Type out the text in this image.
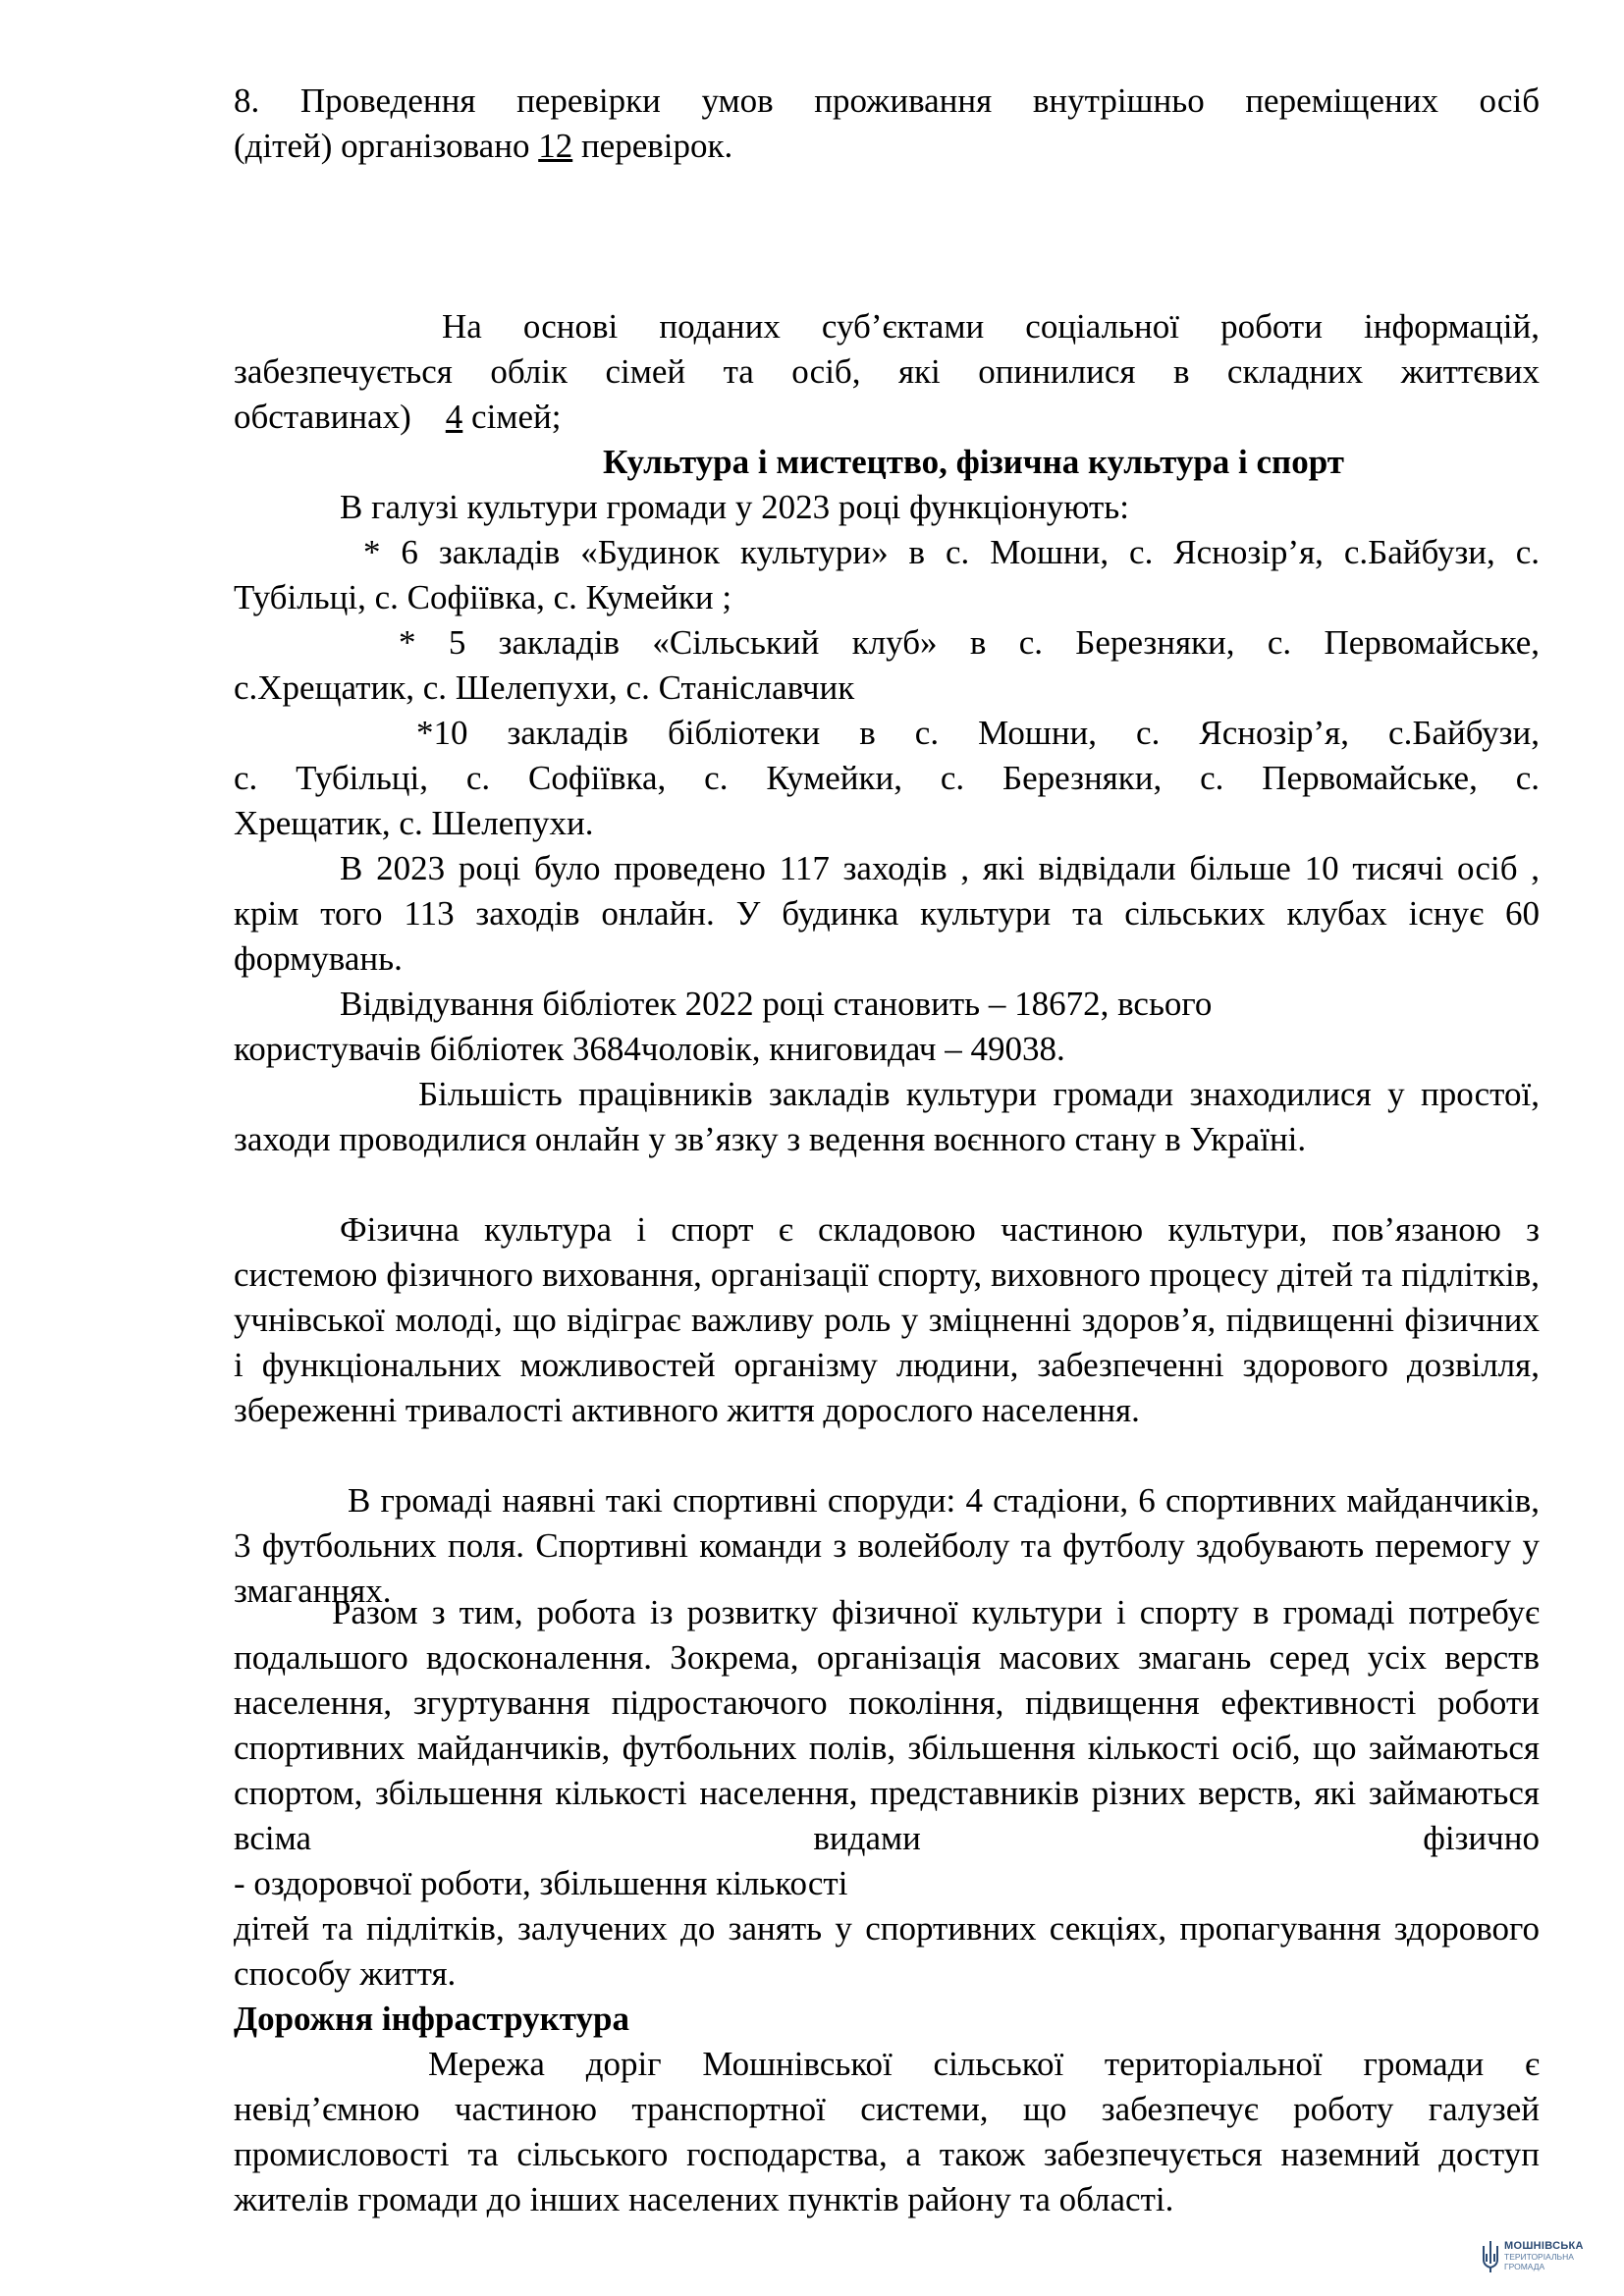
8. Проведення перевірки умов проживання внутрішньо переміщених осіб

(дітей) організовано 12 перевірок.

На основі поданих суб’єктами соціальної роботи інформацій,

забезпечується облік сімей та осіб, які опинилися в складних життєвих

обставинах)    4 сімей;

Культура і мистецтво, фізична культура і спорт

В галузі культури громади у 2023 році функціонують:

* 6 закладів «Будинок культури» в с. Мошни, с. Яснозір’я, с.Байбузи, с. Тубільці, с. Софіївка, с. Кумейки ;

* 5 закладів «Сільський клуб» в с. Березняки, с. Первомайське,

с.Хрещатик, с. Шелепухи, с. Станіславчик

*10 закладів бібліотеки в с. Мошни, с. Яснозір’я, с.Байбузи,

с. Тубільці, с. Софіївка, с. Кумейки, с. Березняки, с. Первомайське, с.

Хрещатик, с. Шелепухи.

В 2023 році було проведено 117 заходів , які відвідали більше 10 тисячі осіб , крім того 113 заходів онлайн. У будинка культури та сільських клубах існує 60 формувань.

Відвідування бібліотек 2022 році становить – 18672, всього

користувачів бібліотек 3684чоловік, книговидач – 49038.

Більшість працівників закладів культури громади знаходилися у простої, заходи проводилися онлайн у зв’язку з ведення воєнного стану в Україні.

Фізична культура і спорт є складовою частиною культури, пов’язаною з системою фізичного виховання, організації спорту, виховного процесу дітей та підлітків, учнівської молоді, що відіграє важливу роль у зміцненні здоров’я, підвищенні фізичних і функціональних можливостей організму людини, забезпеченні здорового дозвілля, збереженні тривалості активного життя дорослого населення.

В громаді наявні такі спортивні споруди: 4 стадіони, 6 спортивних майданчиків, 3 футбольних поля. Спортивні команди з волейболу та футболу здобувають перемогу у змаганнях.

Разом з тим, робота із розвитку фізичної культури і спорту в громаді потребує подальшого вдосконалення. Зокрема, організація масових змагань серед усіх верств населення, згуртування підростаючого покоління, підвищення ефективності роботи спортивних майданчиків, футбольних полів, збільшення кількості осіб, що займаються спортом, збільшення кількості населення, представників різних верств, які займаються всіма видами фізично

- оздоровчої роботи, збільшення кількості

дітей та підлітків, залучених до занять у спортивних секціях, пропагування здорового способу життя.

Дорожня інфраструктура

Мережа доріг Мошнівської сільської територіальної громади є невід’ємною частиною транспортної системи, що забезпечує роботу галузей промисловості та сільського господарства, а також забезпечується наземний доступ жителів громади до інших населених пунктів району та області.

МОШНІВСЬКА
ТЕРИТОРІАЛЬНА
ГРОМАДА
